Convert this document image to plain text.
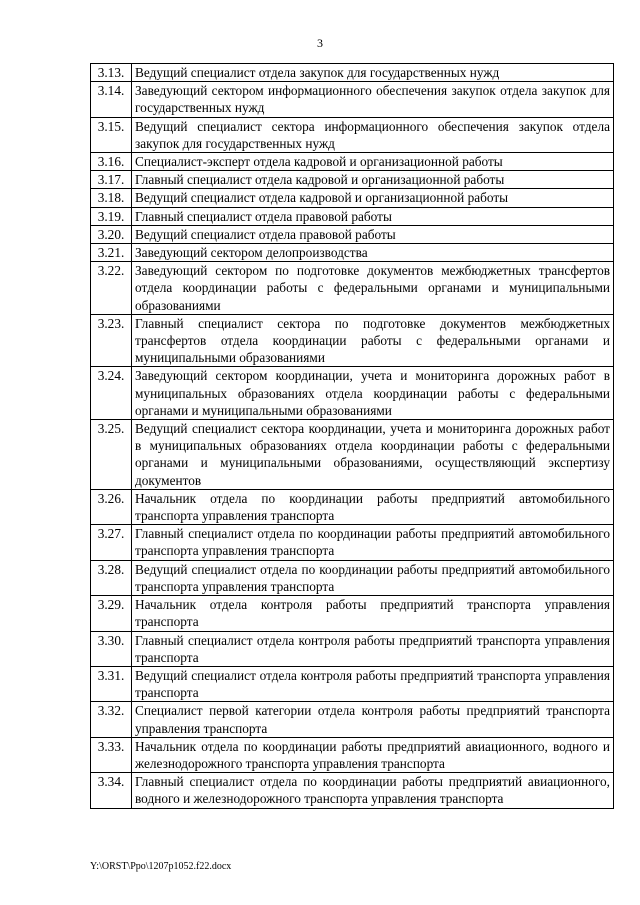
3
3.13.	Ведущий специалист отдела закупок для государственных нужд
3.14.	Заведующий сектором информационного обеспечения закупок отдела закупок для государственных нужд
3.15.	Ведущий специалист сектора информационного обеспечения закупок отдела закупок для государственных нужд
3.16.	Специалист-эксперт отдела кадровой и организационной работы
3.17.	Главный специалист отдела кадровой и организационной работы
3.18.	Ведущий специалист отдела кадровой и организационной работы
3.19.	Главный специалист отдела правовой работы
3.20.	Ведущий специалист отдела правовой работы
3.21.	Заведующий сектором делопроизводства
3.22.	Заведующий сектором по подготовке документов межбюджетных трансфертов отдела координации работы с федеральными органами и муниципальными образованиями
3.23.	Главный специалист сектора по подготовке документов межбюджетных трансфертов отдела координации работы с федеральными органами и муниципальными образованиями
3.24.	Заведующий сектором координации, учета и мониторинга дорожных работ в муниципальных образованиях отдела координации работы с федеральными органами и муниципальными образованиями
3.25.	Ведущий специалист сектора координации, учета и мониторинга дорожных работ в муниципальных образованиях отдела координации работы с федеральными органами и муниципальными образованиями, осуществляющий экспертизу документов
3.26.	Начальник отдела по координации работы предприятий автомобильного транспорта управления транспорта
3.27.	Главный специалист отдела по координации работы предприятий автомобильного транспорта управления транспорта
3.28.	Ведущий специалист отдела по координации работы предприятий автомобильного транспорта управления транспорта
3.29.	Начальник отдела контроля работы предприятий транспорта управления транспорта
3.30.	Главный специалист отдела контроля работы предприятий транспорта управления транспорта
3.31.	Ведущий специалист отдела контроля работы предприятий транспорта управления транспорта
3.32.	Специалист первой категории отдела контроля работы предприятий транспорта управления транспорта
3.33.	Начальник отдела по координации работы предприятий авиационного, водного и железнодорожного транспорта управления транспорта
3.34.	Главный специалист отдела по координации работы предприятий авиационного, водного и железнодорожного транспорта управления транспорта
Y:\ORST\Ppo\1207p1052.f22.docx
